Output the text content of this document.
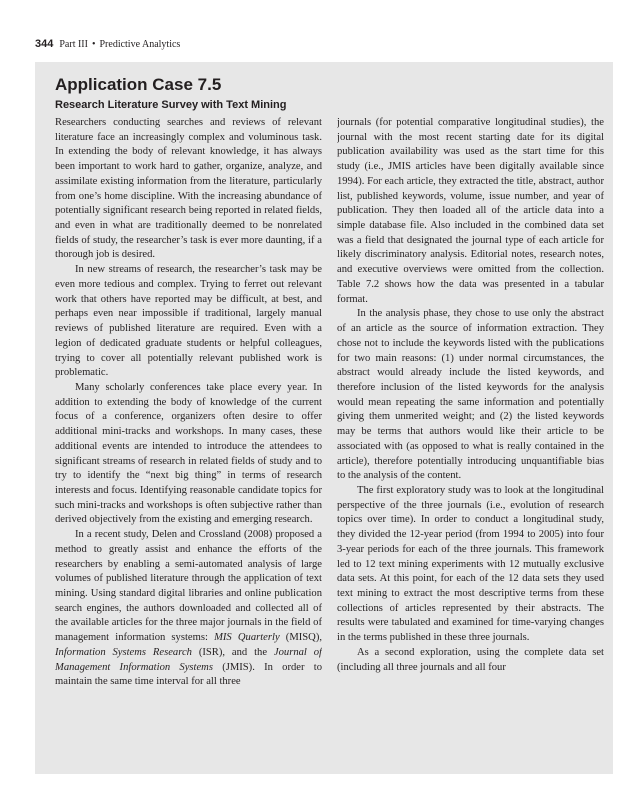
344 Part III • Predictive Analytics
Application Case 7.5
Research Literature Survey with Text Mining

Researchers conducting searches and reviews of relevant literature face an increasingly complex and voluminous task. In extending the body of relevant knowledge, it has always been important to work hard to gather, organize, analyze, and assimilate existing information from the literature, particularly from one’s home discipline. With the increasing abundance of potentially significant research being reported in related fields, and even in what are traditionally deemed to be nonrelated fields of study, the researcher’s task is ever more daunting, if a thorough job is desired.

In new streams of research, the researcher’s task may be even more tedious and complex. Trying to ferret out relevant work that others have reported may be difficult, at best, and perhaps even near impossible if traditional, largely manual reviews of published literature are required. Even with a legion of dedicated graduate students or helpful colleagues, trying to cover all potentially relevant published work is problematic.

Many scholarly conferences take place every year. In addition to extending the body of knowledge of the current focus of a conference, organizers often desire to offer additional mini-tracks and workshops. In many cases, these additional events are intended to introduce the attendees to significant streams of research in related fields of study and to try to identify the “next big thing” in terms of research interests and focus. Identifying reasonable candidate topics for such mini-tracks and workshops is often subjective rather than derived objectively from the existing and emerging research.

In a recent study, Delen and Crossland (2008) proposed a method to greatly assist and enhance the efforts of the researchers by enabling a semi-automated analysis of large volumes of published literature through the application of text mining. Using standard digital libraries and online publication search engines, the authors downloaded and collected all of the available articles for the three major journals in the field of management information systems: MIS Quarterly (MISQ), Information Systems Research (ISR), and the Journal of Management Information Systems (JMIS). In order to maintain the same time interval for all three

journals (for potential comparative longitudinal studies), the journal with the most recent starting date for its digital publication availability was used as the start time for this study (i.e., JMIS articles have been digitally available since 1994). For each article, they extracted the title, abstract, author list, published keywords, volume, issue number, and year of publication. They then loaded all of the article data into a simple database file. Also included in the combined data set was a field that designated the journal type of each article for likely discriminatory analysis. Editorial notes, research notes, and executive overviews were omitted from the collection. Table 7.2 shows how the data was presented in a tabular format.

In the analysis phase, they chose to use only the abstract of an article as the source of information extraction. They chose not to include the keywords listed with the publications for two main reasons: (1) under normal circumstances, the abstract would already include the listed keywords, and therefore inclusion of the listed keywords for the analysis would mean repeating the same information and potentially giving them unmerited weight; and (2) the listed keywords may be terms that authors would like their article to be associated with (as opposed to what is really contained in the article), therefore potentially introducing unquantifiable bias to the analysis of the content.

The first exploratory study was to look at the longitudinal perspective of the three journals (i.e., evolution of research topics over time). In order to conduct a longitudinal study, they divided the 12-year period (from 1994 to 2005) into four 3-year periods for each of the three journals. This framework led to 12 text mining experiments with 12 mutually exclusive data sets. At this point, for each of the 12 data sets they used text mining to extract the most descriptive terms from these collections of articles represented by their abstracts. The results were tabulated and examined for time-varying changes in the terms published in these three journals.

As a second exploration, using the complete data set (including all three journals and all four
